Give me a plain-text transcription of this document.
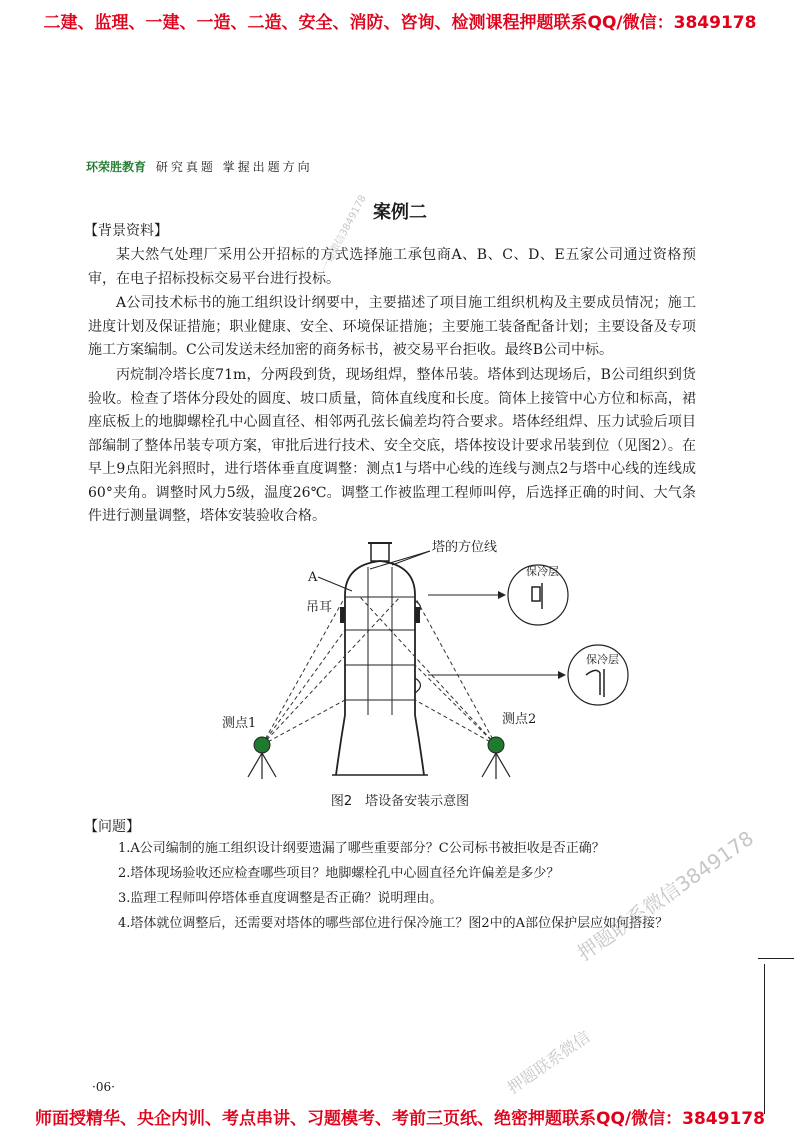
二建、监理、一建、一造、二造、安全、消防、咨询、检测课程押题联系QQ/微信：3849178
环荣胜教育 研究真题 掌握出题方向
案例二
【背景资料】

某大然气处理厂采用公开招标的方式选择施工承包商A、B、C、D、E五家公司通过资格预审，在电子招标投标交易平台进行投标。

A公司技术标书的施工组织设计纲要中，主要描述了项目施工组织机构及主要成员情况；施工进度计划及保证措施；职业健康、安全、环境保证措施；主要施工装备配备计划；主要设备及专项施工方案编制。C公司发送未经加密的商务标书，被交易平台拒收。最终B公司中标。

丙烷制冷塔长度71m，分两段到货，现场组焊，整体吊装。塔体到达现场后，B公司组织到货验收。检查了塔体分段处的圆度、坡口质量，筒体直线度和长度。筒体上接管中心方位和标高，裙座底板上的地脚螺栓孔中心圆直径、相邻两孔弦长偏差均符合要求。塔体经组焊、压力试验后项目部编制了整体吊装专项方案，审批后进行技术、安全交底，塔体按设计要求吊装到位（见图2）。在早上9点阳光斜照时，进行塔体垂直度调整：测点1与塔中心线的连线与测点2与塔中心线的连线成60°夹角。调整时风力5级，温度26℃。调整工作被监理工程师叫停，后选择正确的时间、大气条件进行测量调整，塔体安装验收合格。

A
塔的方位线
吊耳
保冷层
保冷层
测点1	测点2
图2　塔设备安装示意图
【问题】
1.A公司编制的施工组织设计纲要遗漏了哪些重要部分？C公司标书被拒收是否正确？
2.塔体现场验收还应检查哪些项目？地脚螺栓孔中心圆直径允许偏差是多少？
3.监理工程师叫停塔体垂直度调整是否正确？说明理由。
4.塔体就位调整后，还需要对塔体的哪些部位进行保冷施工？图2中的A部位保护层应如何搭接？
·06·
一建微信3849178
押题联系微信3849178
押题联系微信
师面授精华、央企内训、考点串讲、习题模考、考前三页纸、绝密押题联系QQ/微信：3849178
